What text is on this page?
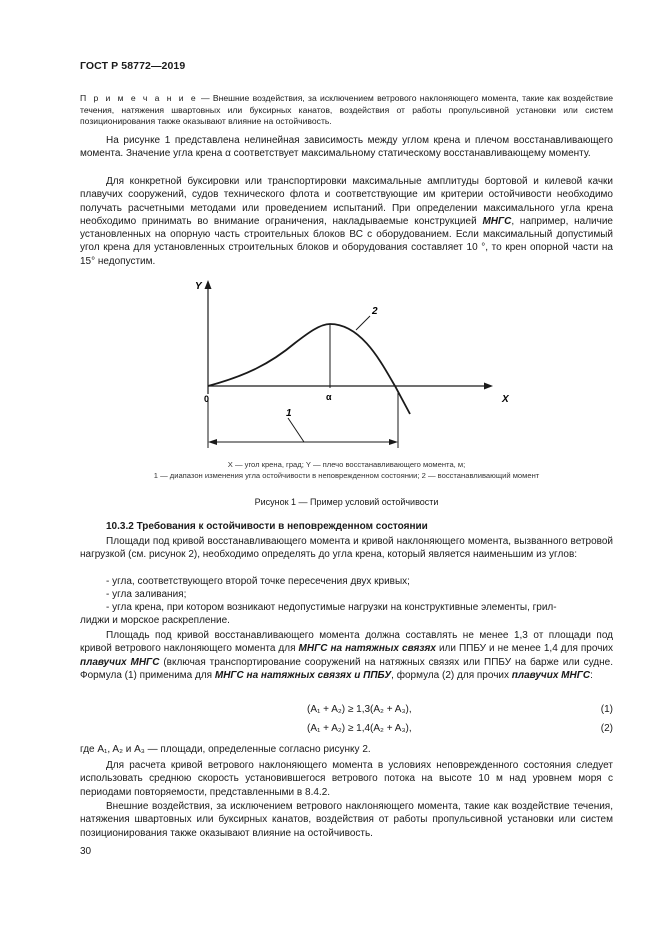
ГОСТ Р 58772—2019

П р и м е ч а н и е — Внешние воздействия, за исключением ветрового наклоняющего момента, такие как воздействие течения, натяжения швартовных или буксирных канатов, воздействия от работы пропульсивной установки или систем позиционирования также оказывают влияние на остойчивость.

На рисунке 1 представлена нелинейная зависимость между углом крена и плечом восстанавливающего момента. Значение угла крена α соответствует максимальному статическому восстанавливающему моменту.

Для конкретной буксировки или транспортировки максимальные амплитуды бортовой и килевой качки плавучих сооружений, судов технического флота и соответствующие им критерии остойчивости необходимо получать расчетными методами или проведением испытаний. При определении максимального угла крена необходимо принимать во внимание ограничения, накладываемые конструкцией МНГС, например, наличие установленных на опорную часть строительных блоков ВС с оборудованием. Если максимальный допустимый угол крена для установленных строительных блоков и оборудования составляет 10 °, то крен опорной части на 15° недопустим.

Y
X
0	α
2
1

X — угол крена, град; Y — плечо восстанавливающего момента, м;

1 — диапазон изменения угла остойчивости в неповрежденном состоянии; 2 — восстанавливающий момент

Рисунок 1 — Пример условий остойчивости
10.3.2 Требования к остойчивости в неповрежденном состоянии

Площади под кривой восстанавливающего момента и кривой наклоняющего момента, вызванного ветровой нагрузкой (см. рисунок 2), необходимо определять до угла крена, который является наименьшим из углов:

- угла, соответствующего второй точке пересечения двух кривых;

- угла заливания;

- угла крена, при котором возникают недопустимые нагрузки на конструктивные элементы, грил-

лиджи и морское раскрепление.

Площадь под кривой восстанавливающего момента должна составлять не менее 1,3 от площади под кривой ветрового наклоняющего момента для МНГС на натяжных связях или ППБУ и не менее 1,4 для прочих плавучих МНГС (включая транспортирование сооружений на натяжных связях или ППБУ на барже или судне. Формула (1) применима для МНГС на натяжных связях и ППБУ, формула (2) для прочих плавучих МНГС:

(A₁ + A₂) ≥ 1,3(A₂ + A₃),	(1)
(A₁ + A₂) ≥ 1,4(A₂ + A₃),	(2)

где A₁, A₂ и A₃ — площади, определенные согласно рисунку 2.

Для расчета кривой ветрового наклоняющего момента в условиях неповрежденного состояния следует использовать среднюю скорость установившегося ветрового потока на высоте 10 м над уровнем моря с периодами повторяемости, представленными в 8.4.2.

Внешние воздействия, за исключением ветрового наклоняющего момента, такие как воздействие течения, натяжения швартовных или буксирных канатов, воздействия от работы пропульсивной установки или систем позиционирования также оказывают влияние на остойчивость.

30
